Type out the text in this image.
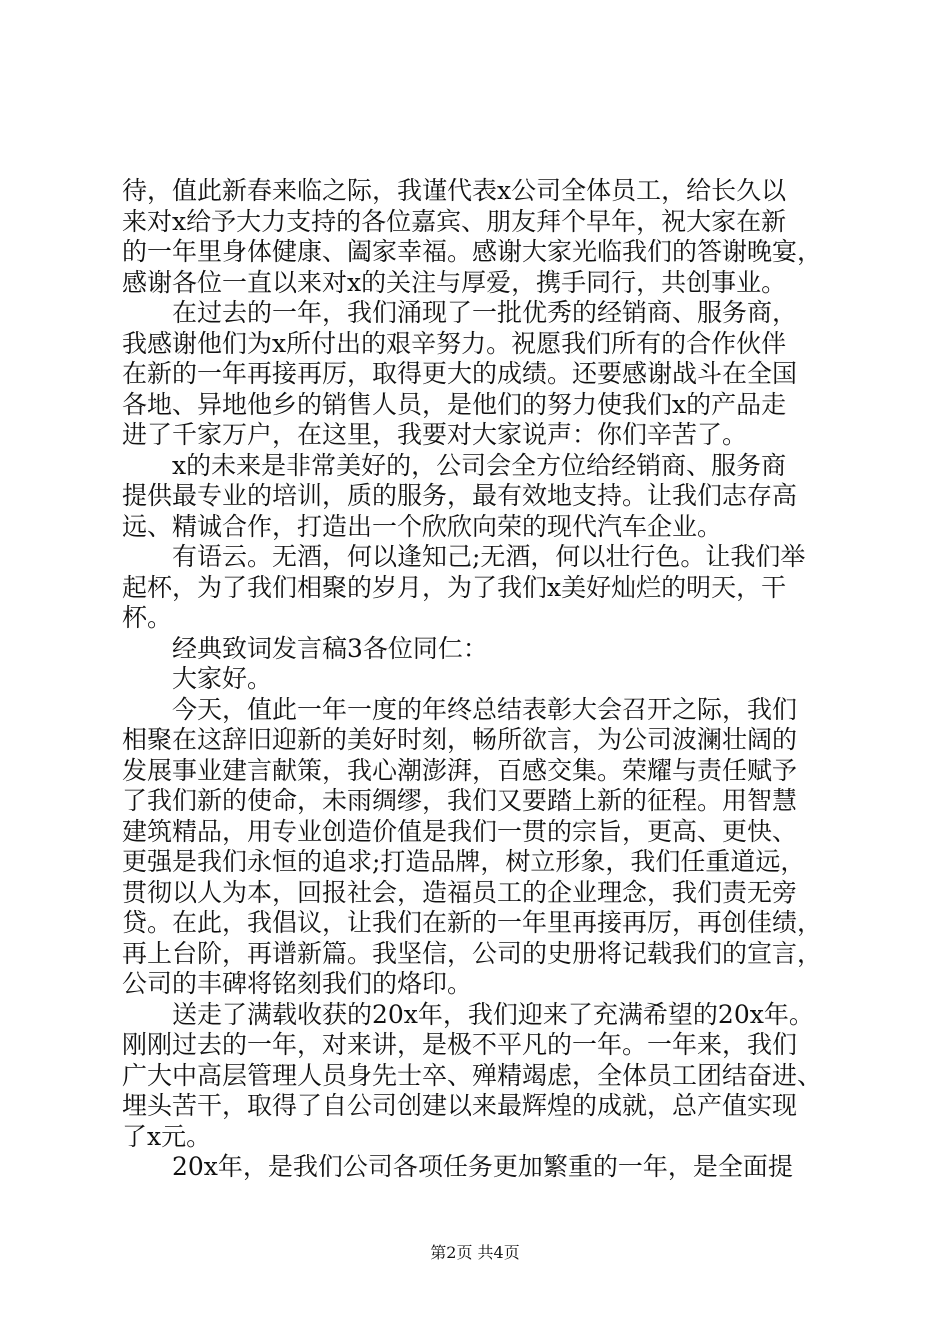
待，值此新春来临之际，我谨代表x公司全体员工，给长久以
来对x给予大力支持的各位嘉宾、朋友拜个早年，祝大家在新
的一年里身体健康、阖家幸福。感谢大家光临我们的答谢晚宴，
感谢各位一直以来对x的关注与厚爱，携手同行，共创事业。
　　在过去的一年，我们涌现了一批优秀的经销商、服务商，
我感谢他们为x所付出的艰辛努力。祝愿我们所有的合作伙伴
在新的一年再接再厉，取得更大的成绩。还要感谢战斗在全国
各地、异地他乡的销售人员，是他们的努力使我们x的产品走
进了千家万户，在这里，我要对大家说声：你们辛苦了。
　　x的未来是非常美好的，公司会全方位给经销商、服务商
提供最专业的培训，质的服务，最有效地支持。让我们志存高
远、精诚合作，打造出一个欣欣向荣的现代汽车企业。
　　有语云。无酒，何以逢知己;无酒，何以壮行色。让我们举
起杯，为了我们相聚的岁月，为了我们x美好灿烂的明天，干
杯。
　　经典致词发言稿3各位同仁：
　　大家好。
　　今天，值此一年一度的年终总结表彰大会召开之际，我们
相聚在这辞旧迎新的美好时刻，畅所欲言，为公司波澜壮阔的
发展事业建言献策，我心潮澎湃，百感交集。荣耀与责任赋予
了我们新的使命，未雨绸缪，我们又要踏上新的征程。用智慧
建筑精品，用专业创造价值是我们一贯的宗旨，更高、更快、
更强是我们永恒的追求;打造品牌，树立形象，我们任重道远，
贯彻以人为本，回报社会，造福员工的企业理念，我们责无旁
贷。在此，我倡议，让我们在新的一年里再接再厉，再创佳绩，
再上台阶，再谱新篇。我坚信，公司的史册将记载我们的宣言，
公司的丰碑将铭刻我们的烙印。
　　送走了满载收获的20x年，我们迎来了充满希望的20x年。
刚刚过去的一年，对来讲，是极不平凡的一年。一年来，我们
广大中高层管理人员身先士卒、殚精竭虑，全体员工团结奋进、
埋头苦干，取得了自公司创建以来最辉煌的成就，总产值实现
了x元。
　　20x年，是我们公司各项任务更加繁重的一年，是全面提
第2页 共4页
